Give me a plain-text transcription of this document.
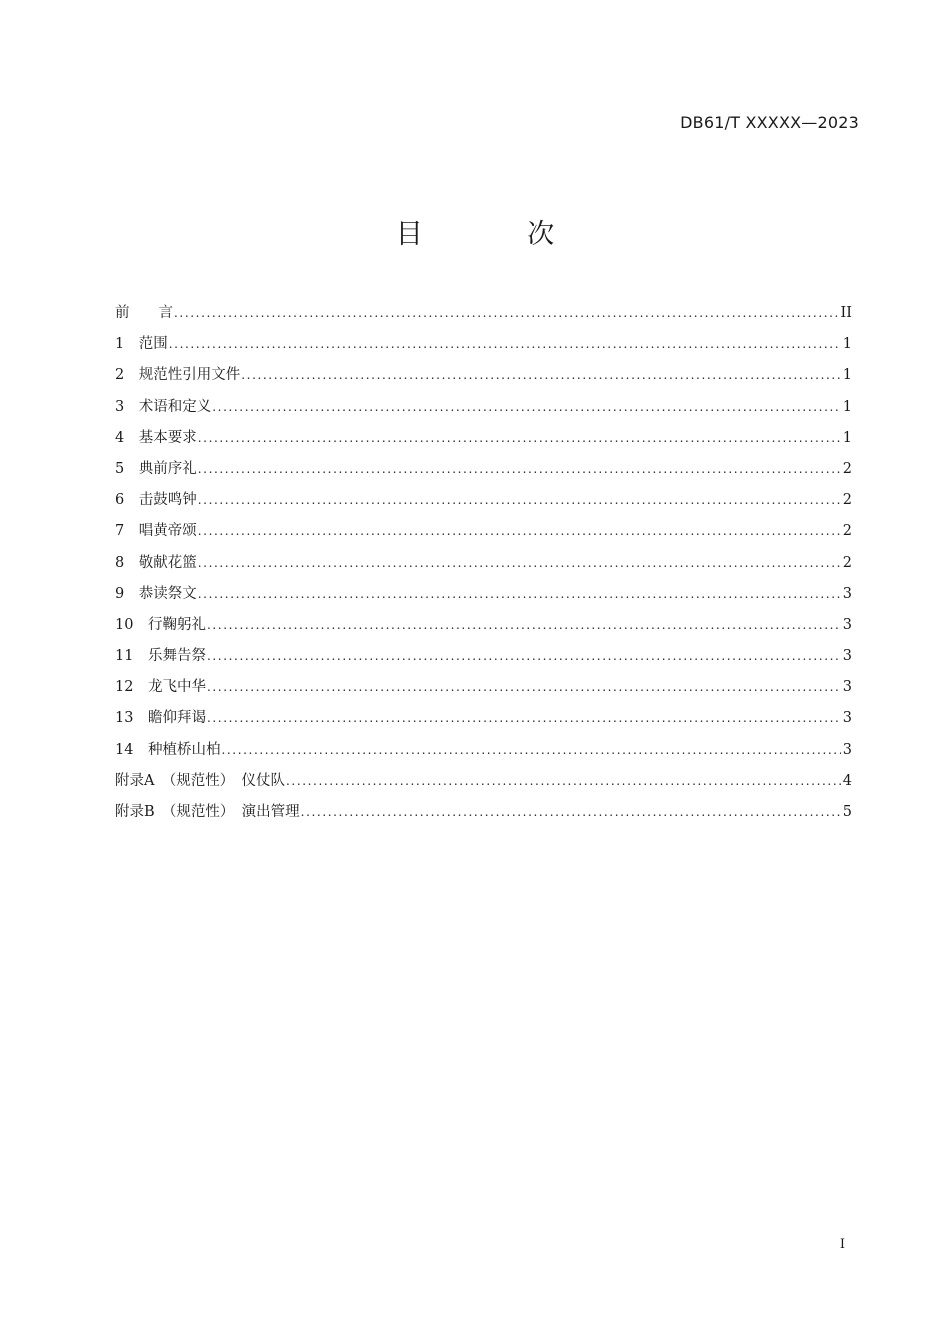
DB61/T XXXXX—2023
目 次
前　　言 .....	II
1　范围 .....	1
2　规范性引用文件 .....	1
3　术语和定义 .....	1
4　基本要求 .....	1
5　典前序礼 .....	2
6　击鼓鸣钟 .....	2
7　唱黄帝颂 .....	2
8　敬献花篮 .....	2
9　恭读祭文 .....	3
10　行鞠躬礼 .....	3
11　乐舞告祭 .....	3
12　龙飞中华 .....	3
13　瞻仰拜谒 .....	3
14　种植桥山柏 .....	3
附录A　（规范性）　仪仗队 .....	4
附录B　（规范性）　演出管理 .....	5
I
